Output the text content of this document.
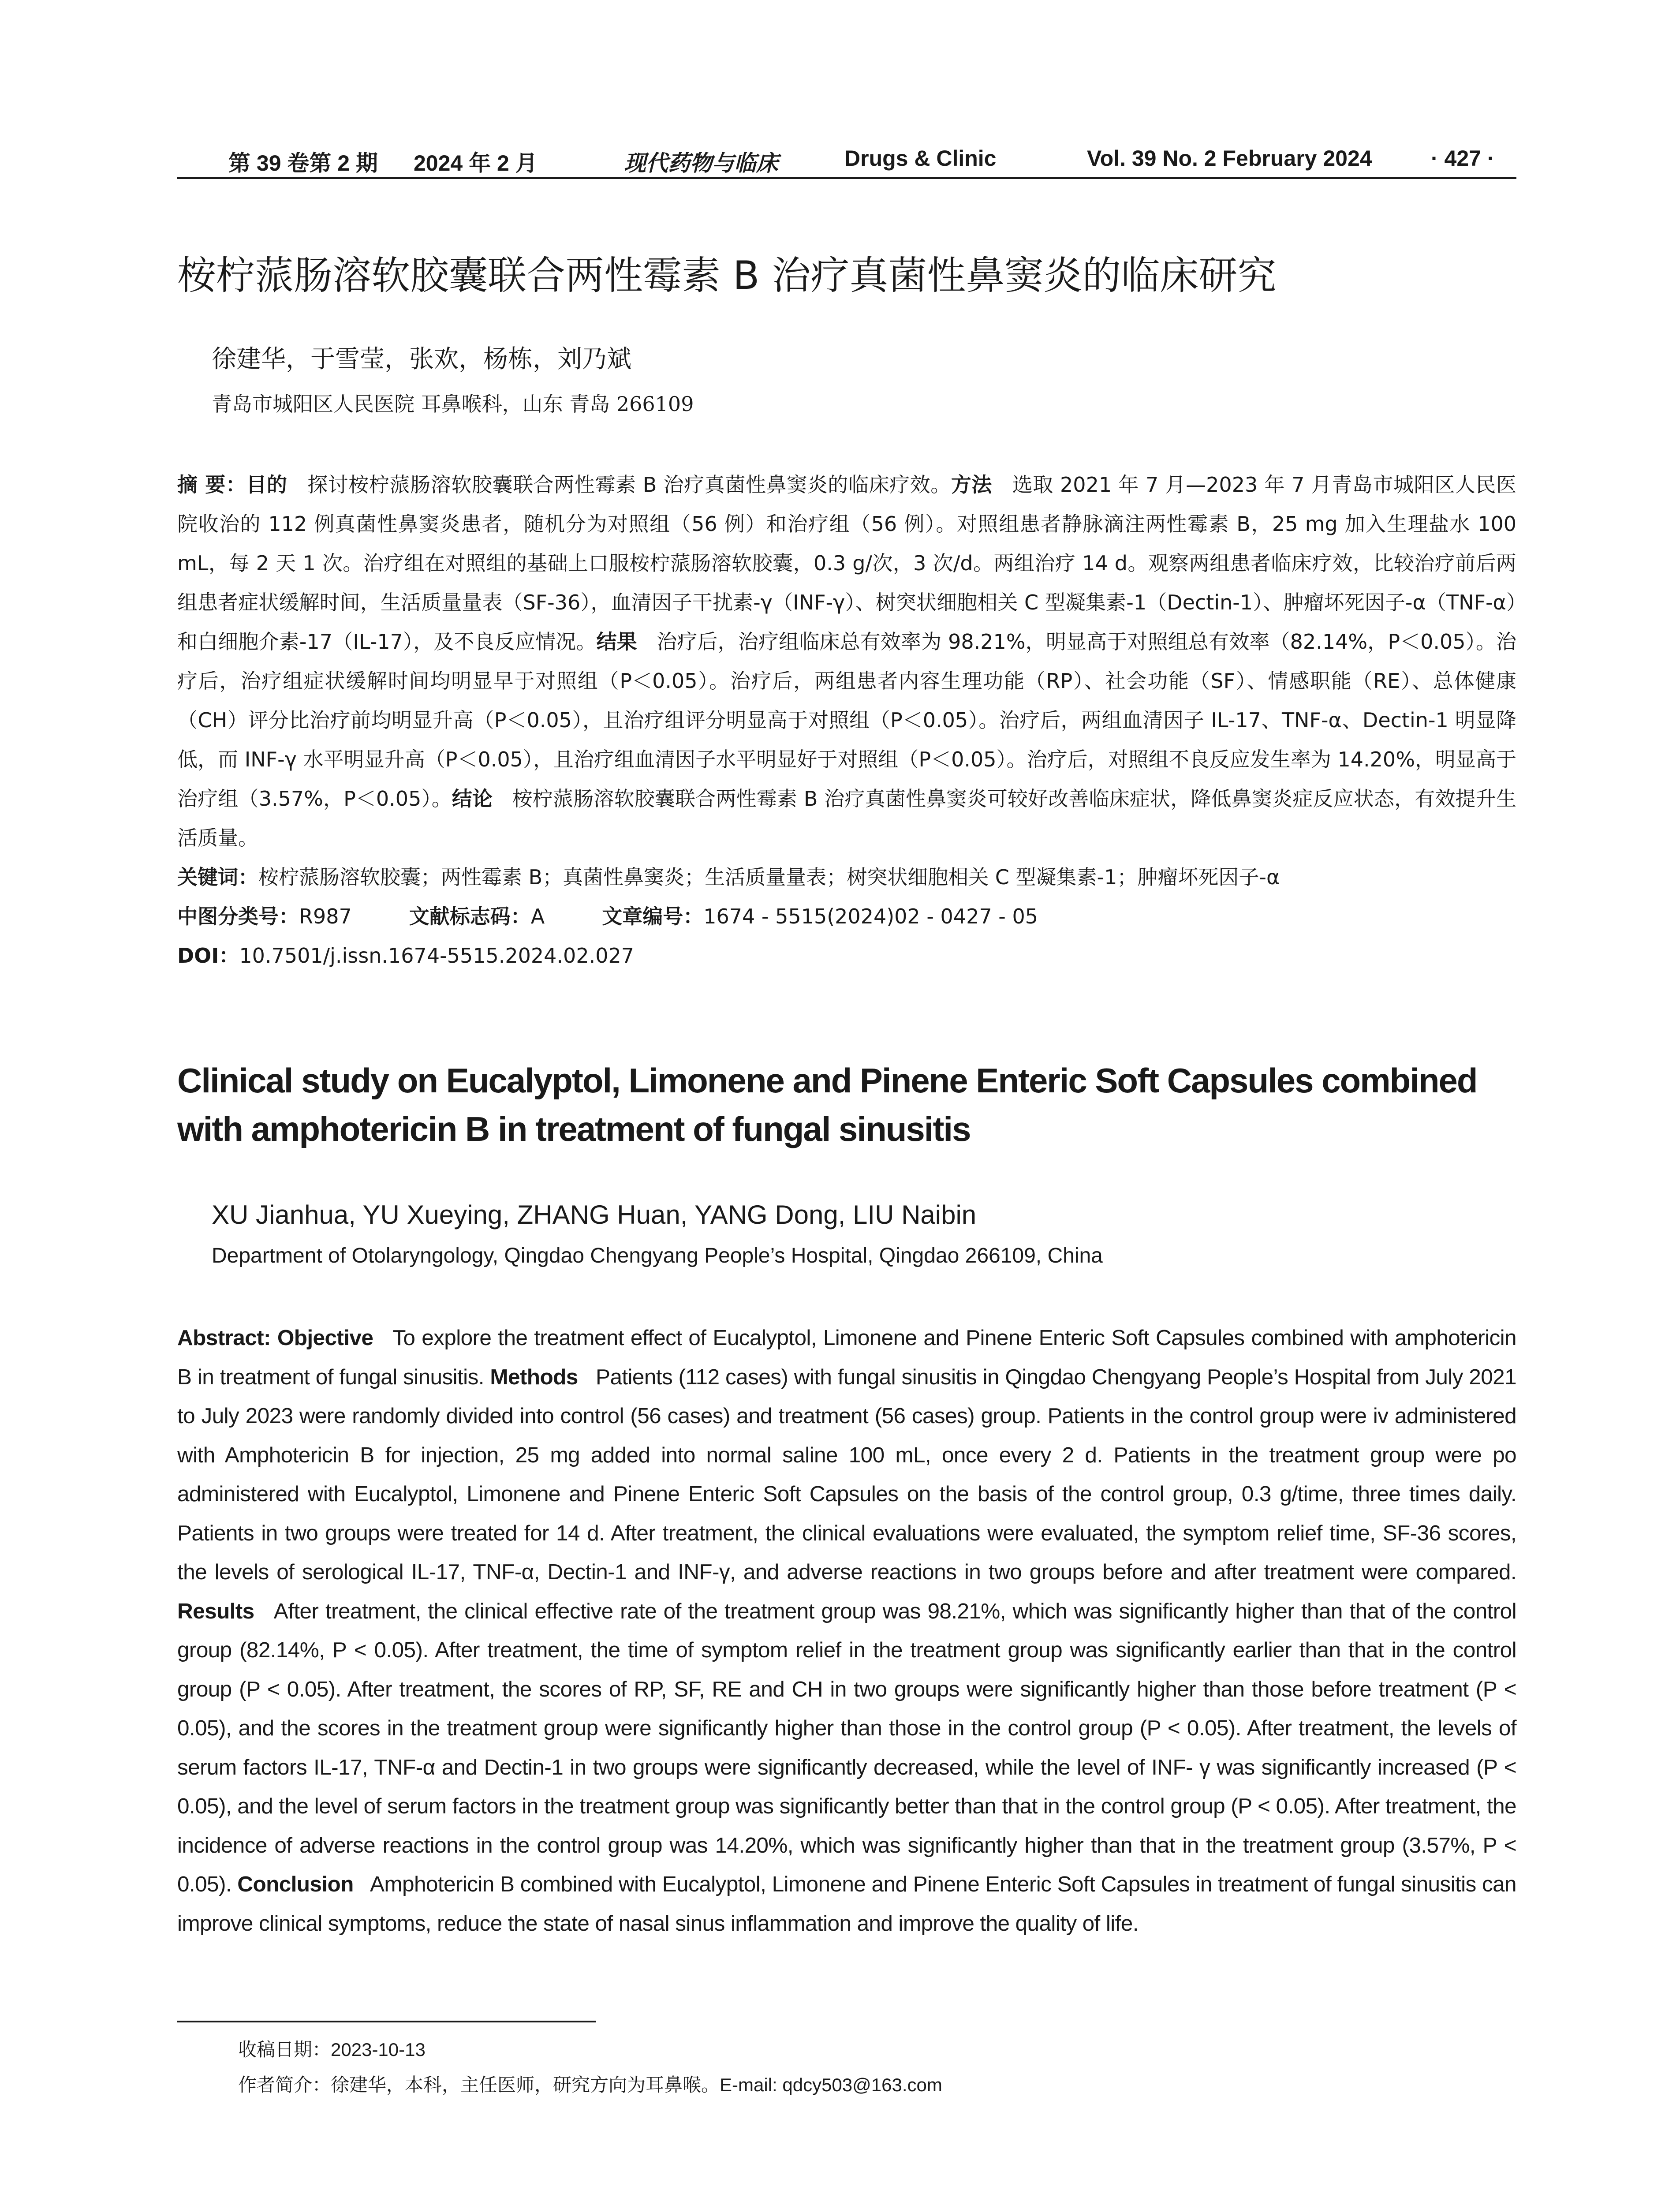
第 39 卷第 2 期 2024 年 2 月	现代药物与临床	Drugs & Clinic	Vol. 39 No. 2 February 2024	· 427 ·
桉柠蒎肠溶软胶囊联合两性霉素 B 治疗真菌性鼻窦炎的临床研究
徐建华，于雪莹，张欢，杨栋，刘乃斌
青岛市城阳区人民医院 耳鼻喉科，山东 青岛 266109

摘 要：目的 探讨桉柠蒎肠溶软胶囊联合两性霉素 B 治疗真菌性鼻窦炎的临床疗效。方法 选取 2021 年 7 月—2023 年 7 月青岛市城阳区人民医院收治的 112 例真菌性鼻窦炎患者，随机分为对照组（56 例）和治疗组（56 例）。对照组患者静脉滴注两性霉素 B，25 mg 加入生理盐水 100 mL，每 2 天 1 次。治疗组在对照组的基础上口服桉柠蒎肠溶软胶囊，0.3 g/次，3 次/d。两组治疗 14 d。观察两组患者临床疗效，比较治疗前后两组患者症状缓解时间，生活质量量表（SF-36），血清因子干扰素-γ（INF-γ）、树突状细胞相关 C 型凝集素-1（Dectin-1）、肿瘤坏死因子-α（TNF-α）和白细胞介素-17（IL-17），及不良反应情况。结果 治疗后，治疗组临床总有效率为 98.21%，明显高于对照组总有效率（82.14%，P＜0.05）。治疗后，治疗组症状缓解时间均明显早于对照组（P＜0.05）。治疗后，两组患者内容生理功能（RP）、社会功能（SF）、情感职能（RE）、总体健康（CH）评分比治疗前均明显升高（P＜0.05），且治疗组评分明显高于对照组（P＜0.05）。治疗后，两组血清因子 IL-17、TNF-α、Dectin-1 明显降低，而 INF-γ 水平明显升高（P＜0.05），且治疗组血清因子水平明显好于对照组（P＜0.05）。治疗后，对照组不良反应发生率为 14.20%，明显高于治疗组（3.57%，P＜0.05）。结论 桉柠蒎肠溶软胶囊联合两性霉素 B 治疗真菌性鼻窦炎可较好改善临床症状，降低鼻窦炎症反应状态，有效提升生活质量。

关键词：桉柠蒎肠溶软胶囊；两性霉素 B；真菌性鼻窦炎；生活质量量表；树突状细胞相关 C 型凝集素-1；肿瘤坏死因子-α

中图分类号：R987	文献标志码：A	文章编号：1674 - 5515(2024)02 - 0427 - 05

DOI：10.7501/j.issn.1674-5515.2024.02.027

Clinical study on Eucalyptol, Limonene and Pinene Enteric Soft Capsules combined with amphotericin B in treatment of fungal sinusitis
XU Jianhua, YU Xueying, ZHANG Huan, YANG Dong, LIU Naibin
Department of Otolaryngology, Qingdao Chengyang People’s Hospital, Qingdao 266109, China

Abstract: Objective To explore the treatment effect of Eucalyptol, Limonene and Pinene Enteric Soft Capsules combined with amphotericin B in treatment of fungal sinusitis. Methods Patients (112 cases) with fungal sinusitis in Qingdao Chengyang People’s Hospital from July 2021 to July 2023 were randomly divided into control (56 cases) and treatment (56 cases) group. Patients in the control group were iv administered with Amphotericin B for injection, 25 mg added into normal saline 100 mL, once every 2 d. Patients in the treatment group were po administered with Eucalyptol, Limonene and Pinene Enteric Soft Capsules on the basis of the control group, 0.3 g/time, three times daily. Patients in two groups were treated for 14 d. After treatment, the clinical evaluations were evaluated, the symptom relief time, SF-36 scores, the levels of serological IL-17, TNF-α, Dectin-1 and INF-γ, and adverse reactions in two groups before and after treatment were compared. Results After treatment, the clinical effective rate of the treatment group was 98.21%, which was significantly higher than that of the control group (82.14%, P < 0.05). After treatment, the time of symptom relief in the treatment group was significantly earlier than that in the control group (P < 0.05). After treatment, the scores of RP, SF, RE and CH in two groups were significantly higher than those before treatment (P < 0.05), and the scores in the treatment group were significantly higher than those in the control group (P < 0.05). After treatment, the levels of serum factors IL-17, TNF-α and Dectin-1 in two groups were significantly decreased, while the level of INF- γ was significantly increased (P < 0.05), and the level of serum factors in the treatment group was significantly better than that in the control group (P < 0.05). After treatment, the incidence of adverse reactions in the control group was 14.20%, which was significantly higher than that in the treatment group (3.57%, P < 0.05). Conclusion Amphotericin B combined with Eucalyptol, Limonene and Pinene Enteric Soft Capsules in treatment of fungal sinusitis can improve clinical symptoms, reduce the state of nasal sinus inflammation and improve the quality of life.

收稿日期：2023-10-13
作者简介：徐建华，本科，主任医师，研究方向为耳鼻喉。E-mail: qdcy503@163.com
